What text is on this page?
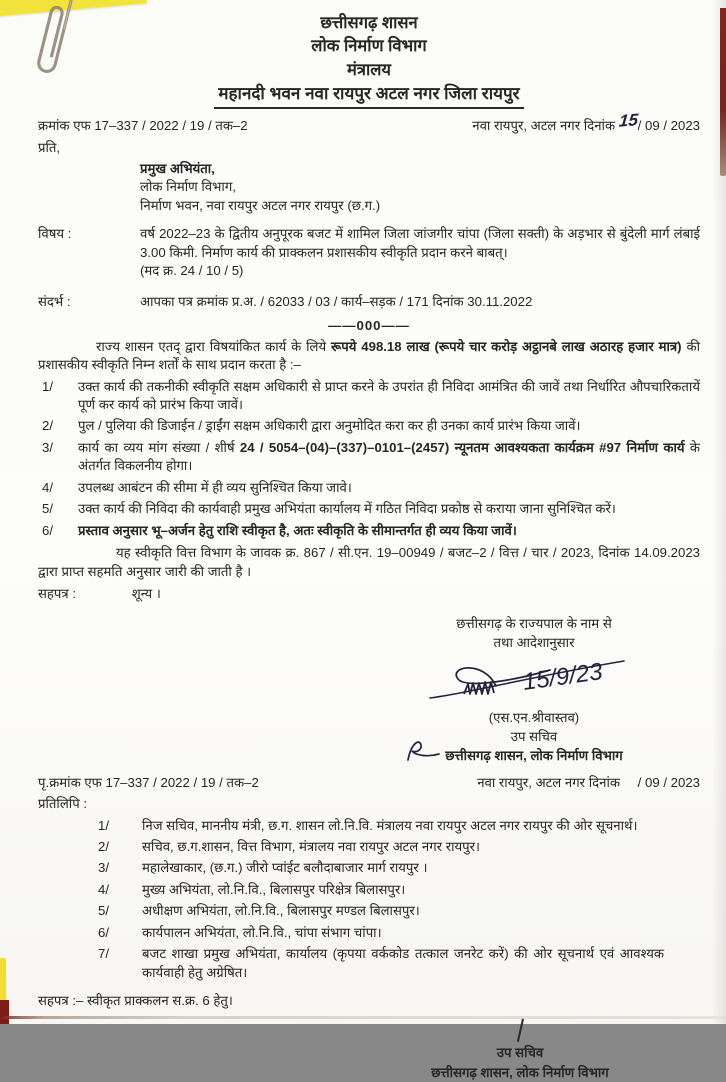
छत्तीसगढ़ शासन
लोक निर्माण विभाग
मंत्रालय
महानदी भवन नवा रायपुर अटल नगर जिला रायपुर
क्रमांक एफ 17–337 / 2022 / 19 / तक–2	नवा रायपुर, अटल नगर दिनांक 15/ 09 / 2023
प्रति,
प्रमुख अभियंता,
लोक निर्माण विभाग,
निर्माण भवन, नवा रायपुर अटल नगर रायपुर (छ.ग.)
विषय :	वर्ष 2022–23 के द्वितीय अनुपूरक बजट में शामिल जिला जांजगीर चांपा (जिला सक्ती) के अड़भार से बुंदेली मार्ग लंबाई 3.00 किमी. निर्माण कार्य की प्राक्कलन प्रशासकीय स्वीकृति प्रदान करने बाबत्।
(मद क्र. 24 / 10 / 5)
संदर्भ :	आपका पत्र क्रमांक प्र.अ. / 62033 / 03 / कार्य–सड़क / 171 दिनांक 30.11.2022
——000——
राज्य शासन एतद् द्वारा विषयांकित कार्य के लिये रूपये 498.18 लाख (रूपये चार करोड़ अट्ठानबे लाख अठारह हजार मात्र) की प्रशासकीय स्वीकृति निम्न शर्तों के साथ प्रदान करता है :–
1/	उक्त कार्य की तकनीकी स्वीकृति सक्षम अधिकारी से प्राप्त करने के उपरांत ही निविदा आमंत्रित की जावें तथा निर्धारित औपचारिकतायें पूर्ण कर कार्य को प्रारंभ किया जावें।
2/	पुल / पुलिया की डिजाईन / ड्राईंग सक्षम अधिकारी द्वारा अनुमोदित करा कर ही उनका कार्य प्रारंभ किया जावें।
3/	कार्य का व्यय मांग संख्या / शीर्ष 24 / 5054–(04)–(337)–0101–(2457) न्यूनतम आवश्यकता कार्यक्रम #97 निर्माण कार्य के अंतर्गत विकलनीय होगा।
4/	उपलब्ध आबंटन की सीमा में ही व्यय सुनिश्चित किया जावे।
5/	उक्त कार्य की निविदा की कार्यवाही प्रमुख अभियंता कार्यालय में गठित निविदा प्रकोष्ठ से कराया जाना सुनिश्चित करें।
6/	प्रस्ताव अनुसार भू–अर्जन हेतु राशि स्वीकृत है, अतः स्वीकृति के सीमान्तर्गत ही व्यय किया जावें।
यह स्वीकृति वित्त विभाग के जावक क्र. 867 / सी.एन. 19–00949 / बजट–2 / वित्त / चार / 2023, दिनांक 14.09.2023 द्वारा प्राप्त सहमति अनुसार जारी की जाती है ।
सहपत्र :	शून्य ।
छत्तीसगढ़ के राज्यपाल के नाम से
तथा आदेशानुसार
15/9/23
(एस.एन.श्रीवास्तव)
उप सचिव
छत्तीसगढ़ शासन, लोक निर्माण विभाग
पृ.क्रमांक एफ 17–337 / 2022 / 19 / तक–2	नवा रायपुर, अटल नगर दिनांक / 09 / 2023
प्रतिलिपि :
1/	निज सचिव, माननीय मंत्री, छ.ग. शासन लो.नि.वि. मंत्रालय नवा रायपुर अटल नगर रायपुर की ओर सूचनार्थ।
2/	सचिव, छ.ग.शासन, वित्त विभाग, मंत्रालय नवा रायपुर अटल नगर रायपुर।
3/	महालेखाकार, (छ.ग.) जीरो प्वांईट बलौदाबाजार मार्ग रायपुर ।
4/	मुख्य अभियंता, लो.नि.वि., बिलासपुर परिक्षेत्र बिलासपुर।
5/	अधीक्षण अभियंता, लो.नि.वि., बिलासपुर मण्डल बिलासपुर।
6/	कार्यपालन अभियंता, लो.नि.वि., चांपा संभाग चांपा।
7/	बजट शाखा प्रमुख अभियंता, कार्यालय (कृपया वर्ककोड तत्काल जनरेट करें) की ओर सूचनार्थ एवं आवश्यक कार्यवाही हेतु अग्रेषित।
सहपत्र :– स्वीकृत प्राक्कलन स.क्र. 6 हेतु।
उप सचिव
छत्तीसगढ़ शासन, लोक निर्माण विभाग
